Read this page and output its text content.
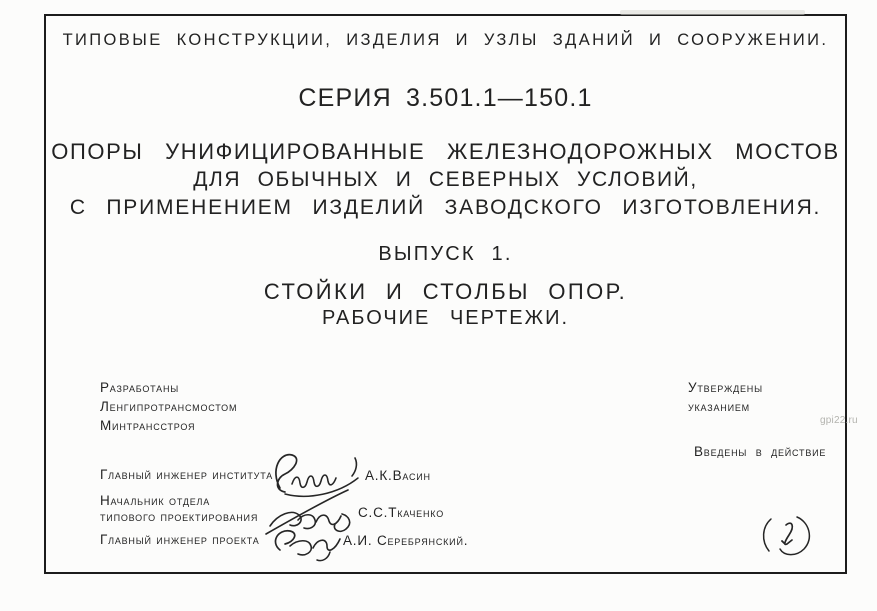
ТИПОВЫЕ КОНСТРУКЦИИ, ИЗДЕЛИЯ И УЗЛЫ ЗДАНИЙ И СООРУЖЕНИИ.
СЕРИЯ 3.501.1—150.1
ОПОРЫ УНИФИЦИРОВАННЫЕ ЖЕЛЕЗНОДОРОЖНЫХ МОСТОВ
ДЛЯ ОБЫЧНЫХ И СЕВЕРНЫХ УСЛОВИЙ,
С ПРИМЕНЕНИЕМ ИЗДЕЛИЙ ЗАВОДСКОГО ИЗГОТОВЛЕНИЯ.
ВЫПУСК 1.
СТОЙКИ И СТОЛБЫ ОПОР.
РАБОЧИЕ ЧЕРТЕЖИ.
Разработаны
Ленгипротрансмостом
Минтрансстроя
Утверждены
указанием
Введены в действие
Главный инженер института	А.К.Васин
Начальник отдела
типового проектирования	С.С.Ткаченко
Главный инженер проекта	А.И. Серебрянский.
gpi22.ru
